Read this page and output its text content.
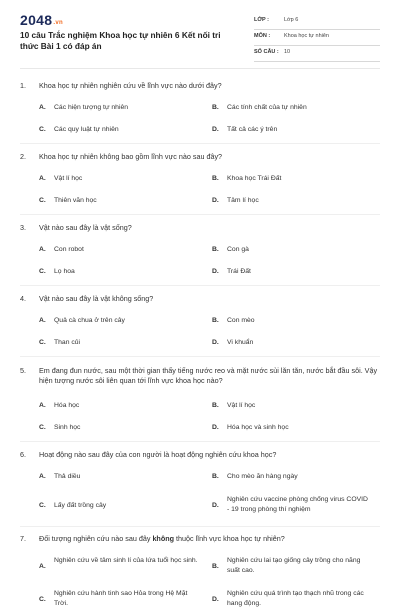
2048.vn
10 câu Trắc nghiệm Khoa học tự nhiên 6 Kết nối tri thức Bài 1 có đáp án
LỚP :	Lớp 6
MÔN :	Khoa học tự nhiên
SỐ CÂU : 10
1. Khoa học tự nhiên nghiên cứu về lĩnh vực nào dưới đây?
A. Các hiện tượng tự nhiên	B. Các tính chất của tự nhiên
C. Các quy luật tự nhiên	D. Tất cả các ý trên
2. Khoa học tự nhiên không bao gồm lĩnh vực nào sau đây?
A. Vật lí học	B. Khoa học Trái Đất
C. Thiên văn học	D. Tâm lí học
3. Vật nào sau đây là vật sống?
A. Con robot	B. Con gà
C. Lọ hoa	D. Trái Đất
4. Vật nào sau đây là vật không sống?
A. Quả cà chua ở trên cây	B. Con mèo
C. Than củi	D. Vi khuẩn
5. Em đang đun nước, sau một thời gian thấy tiếng nước reo và mặt nước sủi lăn tăn, nước bắt đầu sôi. Vậy hiện tượng nước sôi liên quan tới lĩnh vực khoa học nào?
A. Hóa học	B. Vật lí học
C. Sinh học	D. Hóa học và sinh học
6. Hoạt động nào sau đây của con người là hoạt động nghiên cứu khoa học?
A. Thả diều	B. Cho mèo ăn hàng ngày
C. Lấy đất trồng cây	D.
Nghiên cứu vaccine phòng chống virus COVID - 19 trong phòng thí nghiệm
7. Đối tượng nghiên cứu nào sau đây không thuộc lĩnh vực khoa học tự nhiên?
A.
Nghiên cứu về tâm sinh lí của lứa tuổi học sinh.
B.
Nghiên cứu lai tạo giống cây trồng cho năng suất cao.
C.
Nghiên cứu hành tinh sao Hỏa trong Hệ Mặt Trời.
D.
Nghiên cứu quá trình tạo thạch nhũ trong các hang động.
